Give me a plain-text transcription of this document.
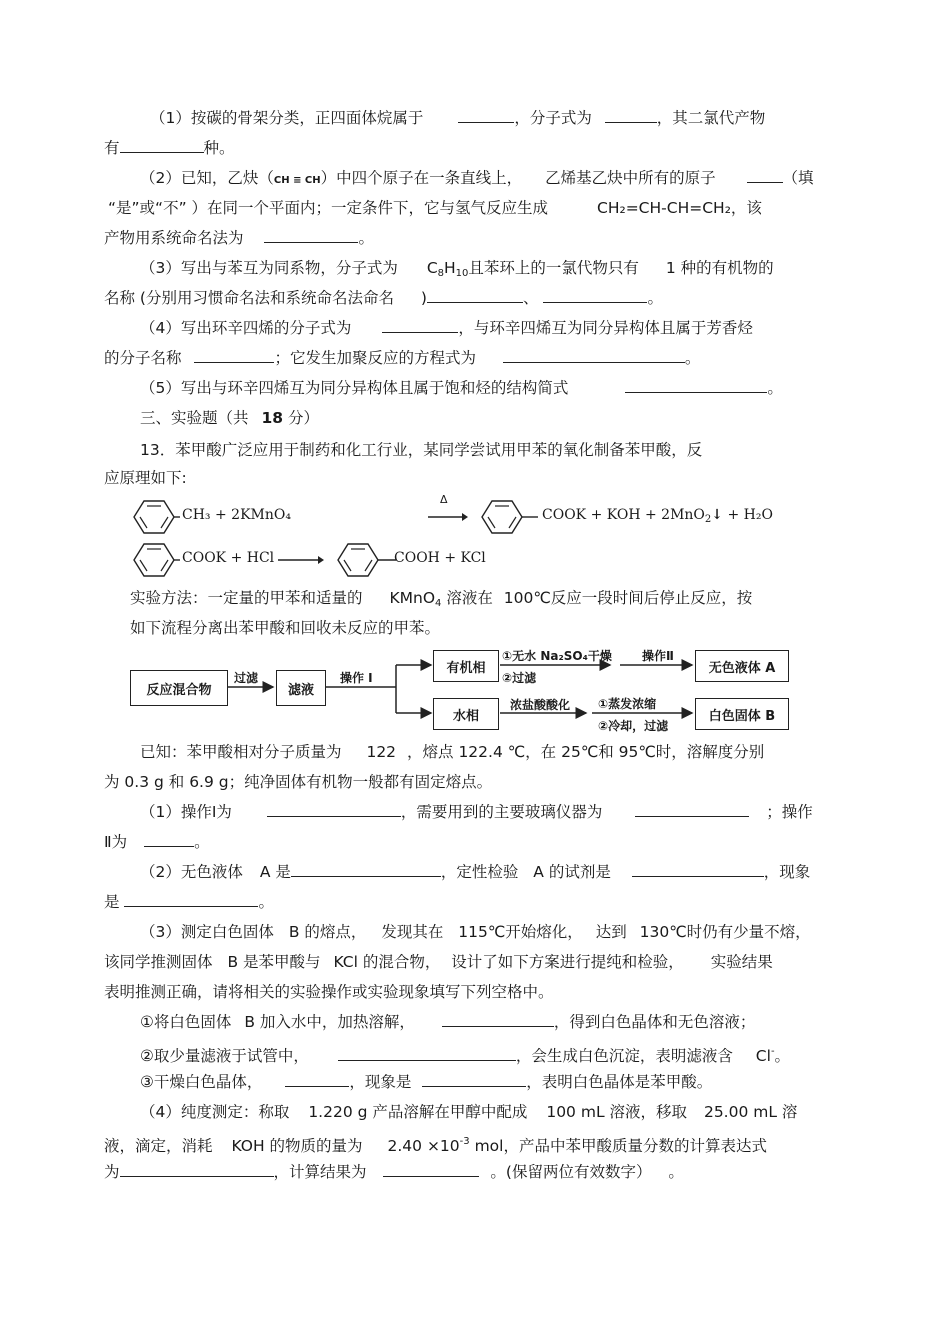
（1）按碳的骨架分类，正四面体烷属于	，分子式为	，其二氯代产物
有	种。
（2）已知，乙炔（CH ≡ CH）中四个原子在一条直线上， 乙烯基乙炔中所有的原子	（填
“是”或“不” ）在同一个平面内；一定条件下，它与氢气反应生成	CH₂=CH-CH=CH₂，该
产物用系统命名法为	。
（3）写出与苯互为同系物，分子式为 $C_8H_{10}$且苯环上的一氯代物只有 1 种的有机物的
名称 (分别用习惯命名法和系统命名法命名 )	、	。
（4）写出环辛四烯的分子式为	，与环辛四烯互为同分异构体且属于芳香烃
的分子名称	；它发生加聚反应的方程式为	。
（5）写出与环辛四烯互为同分异构体且属于饱和烃的结构简式	。
三、实验题（共 18 分）
13．苯甲酸广泛应用于制药和化工行业，某同学尝试用甲苯的氧化制备苯甲酸，反
应原理如下:
CH₃ + 2KMnO₄
Δ
COOK + KOH + 2MnO$_2$↓ + H₂O
COOK + HCl →	COOH + KCl
实验方法：一定量的甲苯和适量的 KMnO$_4$ 溶液在 100℃反应一段时间后停止反应，按
如下流程分离出苯甲酸和回收未反应的甲苯。
反应混合物
过滤
滤液
操作 I
有机相
水相
①无水 Na₂SO₄干燥
②过滤
操作Ⅱ
无色液体 A
浓盐酸酸化 ①蒸发浓缩
②冷却，过滤
白色固体 B
已知：苯甲酸相对分子质量为 122 ，熔点 122.4 ℃，在 25℃和 95℃时，溶解度分别
为 0.3 g 和 6.9 g；纯净固体有机物一般都有固定熔点。
（1）操作Ⅰ为	，需要用到的主要玻璃仪器为	；操作
Ⅱ为	。
（2）无色液体 A 是	，定性检验 A 的试剂是	，现象
是	。
（3）测定白色固体 B 的熔点， 发现其在 115℃开始熔化， 达到 130℃时仍有少量不熔，
该同学推测固体 B 是苯甲酸与 KCl 的混合物， 设计了如下方案进行提纯和检验， 实验结果
表明推测正确，请将相关的实验操作或实验现象填写下列空格中。
①将白色固体 B 加入水中，加热溶解，	，得到白色晶体和无色溶液；
②取少量滤液于试管中，	，会生成白色沉淀，表明滤液含 Cl-。
③干燥白色晶体，	，现象是	，表明白色晶体是苯甲酸。
（4）纯度测定：称取 1.220 g 产品溶解在甲醇中配成 100 mL 溶液，移取 25.00 mL 溶
液，滴定，消耗 KOH 的物质的量为 $2.40 \times 10^{-3}$ mol，产品中苯甲酸质量分数的计算表达式
为	，计算结果为	。(保留两位有效数字） 。
